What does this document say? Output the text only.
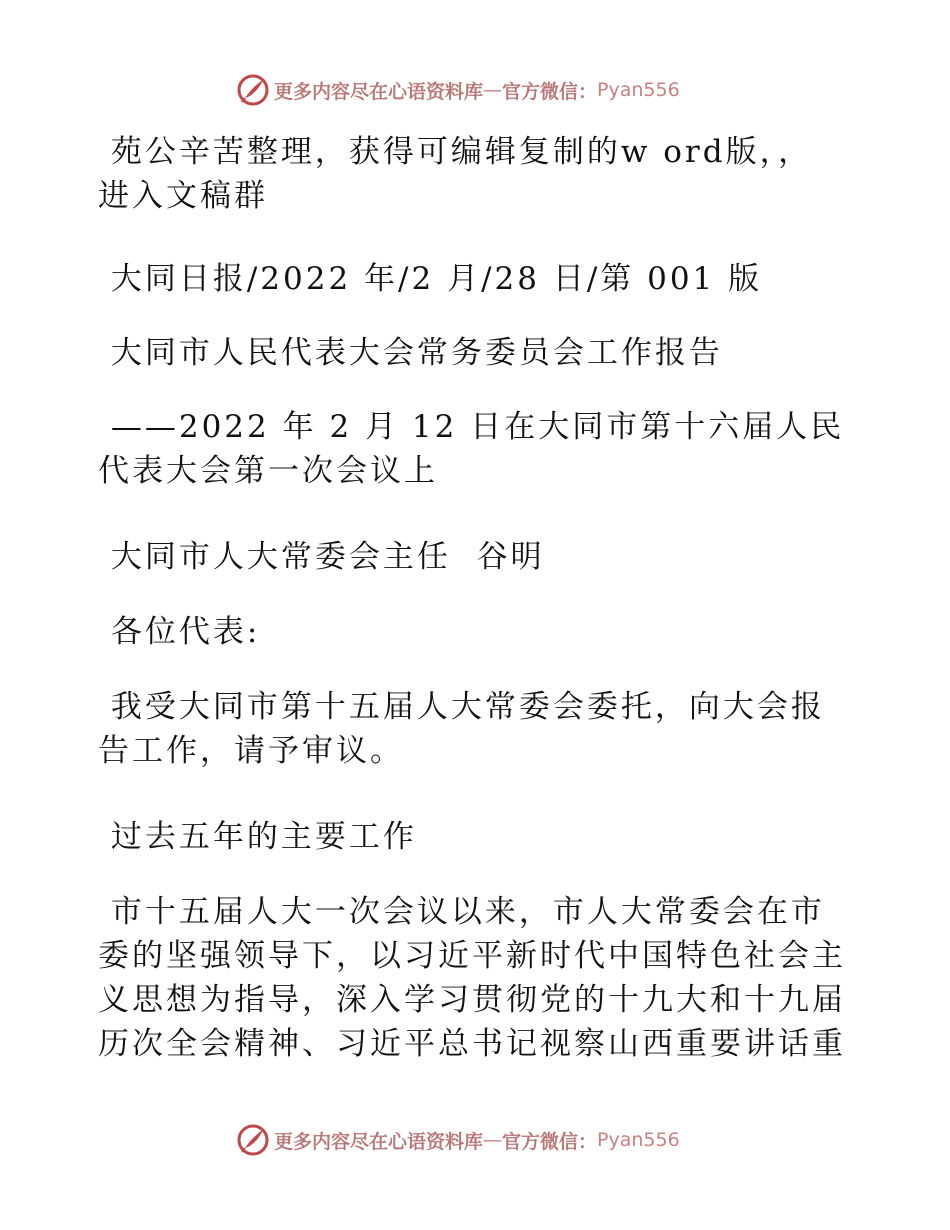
更多内容尽在心语资料库 — 官方微信： Pyan556

苑公辛苦整理，获得可编辑复制的w ord版，，
进入文稿群

大同日报/2022 年/2 月/28 日/第 001 版

大同市人民代表大会常务委员会工作报告

——2022 年 2 月 12 日在大同市第十六届人民
代表大会第一次会议上

大同市人大常委会主任  谷明

各位代表:

我受大同市第十五届人大常委会委托，向大会报
告工作，请予审议。

过去五年的主要工作

市十五届人大一次会议以来，市人大常委会在市
委的坚强领导下，以习近平新时代中国特色社会主
义思想为指导，深入学习贯彻党的十九大和十九届
历次全会精神、习近平总书记视察山西重要讲话重

更多内容尽在心语资料库 — 官方微信： Pyan556
